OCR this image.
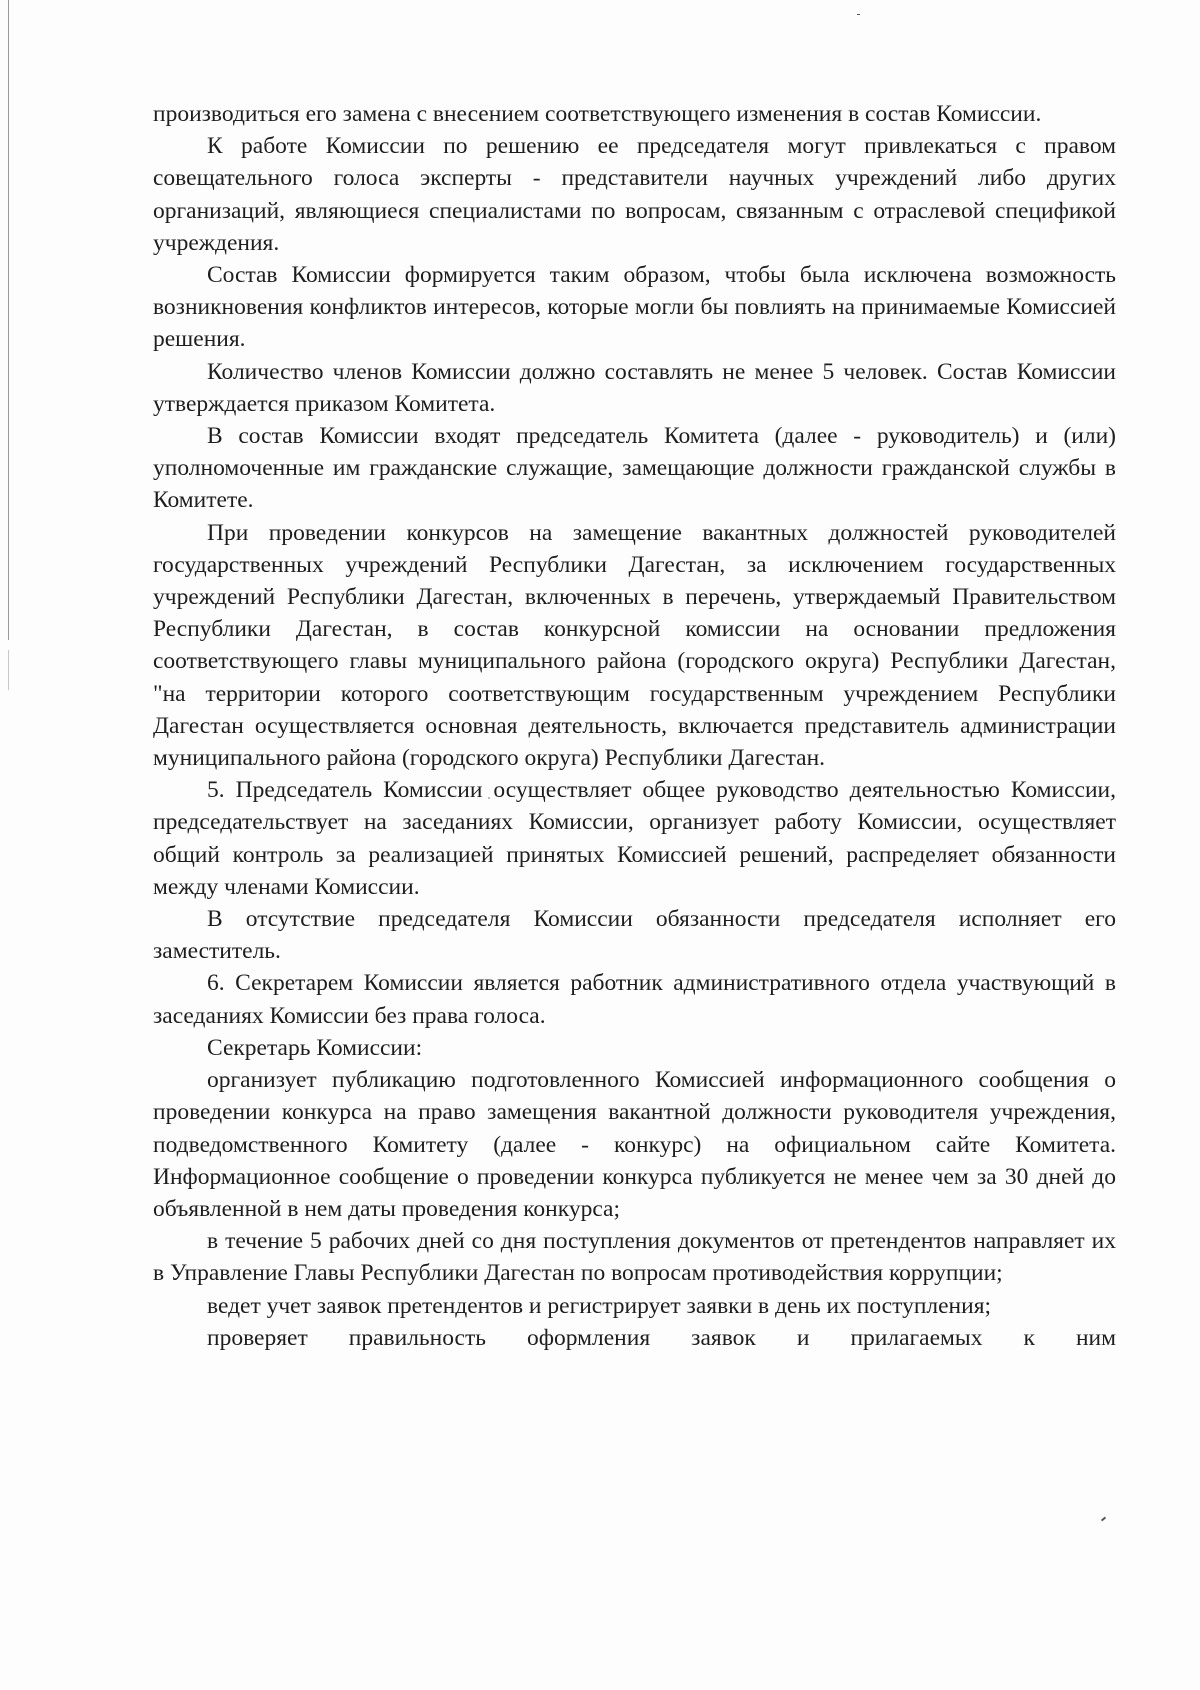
производиться его замена с внесением соответствующего изменения в состав Комиссии.

К работе Комиссии по решению ее председателя могут привлекаться с правом совещательного голоса эксперты - представители научных учреждений либо других организаций, являющиеся специалистами по вопросам, связанным с отраслевой спецификой учреждения.

Состав Комиссии формируется таким образом, чтобы была исключена возможность возникновения конфликтов интересов, которые могли бы повлиять на принимаемые Комиссией решения.

Количество членов Комиссии должно составлять не менее 5 человек. Состав Комиссии утверждается приказом Комитета.

В состав Комиссии входят председатель Комитета (далее - руководитель) и (или) уполномоченные им гражданские служащие, замещающие должности гражданской службы в Комитете.

При проведении конкурсов на замещение вакантных должностей руководителей государственных учреждений Республики Дагестан, за исключением государственных учреждений Республики Дагестан, включенных в перечень, утверждаемый Правительством Республики Дагестан, в состав конкурсной комиссии на основании предложения соответствующего главы муниципального района (городского округа) Республики Дагестан, "на территории которого соответствующим государственным учреждением Республики Дагестан осуществляется основная деятельность, включается представитель администрации муниципального района (городского округа) Республики Дагестан.

5. Председатель Комиссии осуществляет общее руководство деятельностью Комиссии, председательствует на заседаниях Комиссии, организует работу Комиссии, осуществляет общий контроль за реализацией принятых Комиссией решений, распределяет обязанности между членами Комиссии.

В отсутствие председателя Комиссии обязанности председателя исполняет его заместитель.

6. Секретарем Комиссии является работник административного отдела участвующий в заседаниях Комиссии без права голоса.

Секретарь Комиссии:

организует публикацию подготовленного Комиссией информационного сообщения о проведении конкурса на право замещения вакантной должности руководителя учреждения, подведомственного Комитету (далее - конкурс) на официальном сайте Комитета. Информационное сообщение о проведении конкурса публикуется не менее чем за 30 дней до объявленной в нем даты проведения конкурса;

в течение 5 рабочих дней со дня поступления документов от претендентов направляет их в Управление Главы Республики Дагестан по вопросам противодействия коррупции;

ведет учет заявок претендентов и регистрирует заявки в день их поступления;

проверяет правильность оформления заявок и прилагаемых к ним
